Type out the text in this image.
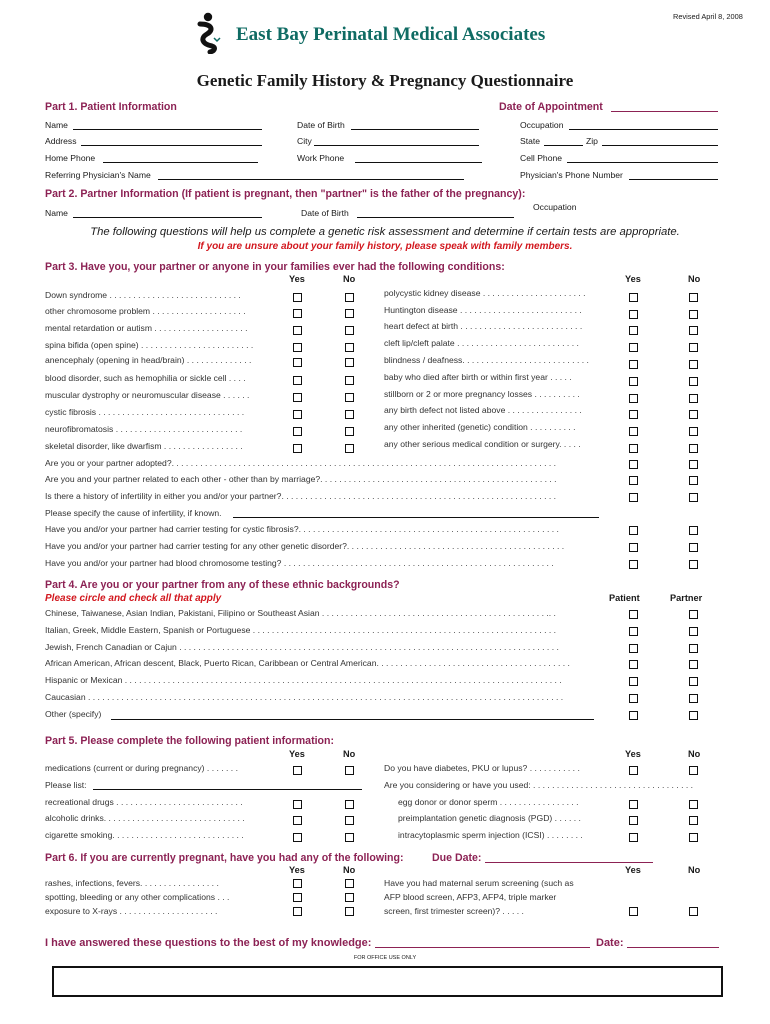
Revised April 8, 2008
East Bay Perinatal Medical Associates
Genetic Family History & Pregnancy Questionnaire
Part 1. Patient Information	Date of Appointment
Name	Date of Birth	Occupation
Address	City	State	Zip
Home Phone	Work Phone	Cell Phone
Referring Physician's Name	Physician's Phone Number
Part 2. Partner Information (If patient is pregnant, then "partner" is the father of the pregnancy):
Name	Date of Birth
Occupation
The following questions will help us complete a genetic risk assessment and determine if certain tests are appropriate.
If you are unsure about your family history, please speak with family members.
Part 3. Have you, your partner or anyone in your families ever had the following conditions:
Yes	No	Yes	No
Down syndrome . . . . . . . . . . . . . . . . . . . . . . . . . . . .
other chromosome problem . . . . . . . . . . . . . . . . . . . .
mental retardation or autism . . . . . . . . . . . . . . . . . . . .
spina bifida (open spine) . . . . . . . . . . . . . . . . . . . . . . . .
anencephaly (opening in head/brain) . . . . . . . . . . . . . .
blood disorder, such as hemophilia or sickle cell . . . .
muscular dystrophy or neuromuscular disease . . . . . .
cystic fibrosis . . . . . . . . . . . . . . . . . . . . . . . . . . . . . . .
neurofibromatosis . . . . . . . . . . . . . . . . . . . . . . . . . . .
skeletal disorder, like dwarfism . . . . . . . . . . . . . . . . .
polycystic kidney disease . . . . . . . . . . . . . . . . . . . . . .
Huntington disease . . . . . . . . . . . . . . . . . . . . . . . . . .
heart defect at birth . . . . . . . . . . . . . . . . . . . . . . . . . .
cleft lip/cleft palate . . . . . . . . . . . . . . . . . . . . . . . . . .
blindness / deafness. . . . . . . . . . . . . . . . . . . . . . . . . . .
baby who died after birth or within first year . . . . .
stillborn or 2 or more pregnancy losses . . . . . . . . . .
any birth defect not listed above . . . . . . . . . . . . . . . .
any other inherited (genetic) condition . . . . . . . . . .
any other serious medical condition or surgery. . . . .
Are you or your partner adopted?. . . . . . . . . . . . . . . . . . . . . . . . . . . . . . . . . . . . . . . . . . . . . . . . . . . . . . . . . . . . . . . . . . . . . . . . . . . . . . . . .
Are you and your partner related to each other - other than by marriage?. . . . . . . . . . . . . . . . . . . . . . . . . . . . . . . . . . . . . . . . . . . . . . . . . .
Is there a history of infertility in either you and/or your partner?. . . . . . . . . . . . . . . . . . . . . . . . . . . . . . . . . . . . . . . . . . . . . . . . . . . . . . . . . .
Please specify the cause of infertility, if known.
Have you and/or your partner had carrier testing for cystic fibrosis?. . . . . . . . . . . . . . . . . . . . . . . . . . . . . . . . . . . . . . . . . . . . . . . . . . . . . . .
Have you and/or your partner had carrier testing for any other genetic disorder?. . . . . . . . . . . . . . . . . . . . . . . . . . . . . . . . . . . . . . . . . . . . . .
Have you and/or your partner had blood chromosome testing? . . . . . . . . . . . . . . . . . . . . . . . . . . . . . . . . . . . . . . . . . . . . . . . . . . . . . . . . .
Part 4. Are you or your partner from any of these ethnic backgrounds?
Please circle and check all that apply	Patient	Partner
Chinese, Taiwanese, Asian Indian, Pakistani, Filipino or Southeast Asian . . . . . . . . . . . . . . . . . . . . . . . . . . . . . . . . . . . . . . . . . . . . . . . .. .
Italian, Greek, Middle Eastern, Spanish or Portuguese . . . . . . . . . . . . . . . . . . . . . . . . . . . . . . . . . . . . . . . . . . . . . . . . . . . . . . . . . . . . . . . .
Jewish, French Canadian or Cajun . . . . . . . . . . . . . . . . . . . . . . . . . . . . . . . . . . . . . . . . . . . . . . . . . . . . . . . . . . . . . . . . . . . . . . . . . . . . . . . .
African American, African descent, Black, Puerto Rican, Caribbean or Central American. . . . . . . . . . . . . . . . . . . . . . . . . . . . . . . . . . . . . . . . .
Hispanic or Mexican . . . . . . . . . . . . . . . . . . . . . . . . . . . . . . . . . . . . . . . . . . . . . . . . . . . . . . . . . . . . . . . . . . . . . . . . . . . . . . . . . . . . . . . . . . . .
Caucasian . . . . . . . . . . . . . . . . . . . . . . . . . . . . . . . . . . . . . . . . . . . . . . . . . . . . . . . . . . . . . . . . . . . . . . . . . . . . . . . . . . . . . . . . . . . . . . . . . . . .
Other (specify)
Part 5. Please complete the following patient information:
Yes	No	Yes	No
medications (current or during pregnancy) . . . . . . .	Do you have diabetes, PKU or lupus? . . . . . . . . . . .
Please list:	Are you considering or have you used: . . . . . . . . . . . . . . . . . . . . . . . . . . . . . . . . . .
recreational drugs . . . . . . . . . . . . . . . . . . . . . . . . . . .	egg donor or donor sperm . . . . . . . . . . . . . . . . .
alcoholic drinks. . . . . . . . . . . . . . . . . . . . . . . . . . . . . .	preimplantation genetic diagnosis (PGD) . . . . . .
cigarette smoking. . . . . . . . . . . . . . . . . . . . . . . . . . . .	intracytoplasmic sperm injection (ICSI) . . . . . . . .
Part 6. If you are currently pregnant, have you had any of the following:	Due Date:
Yes	No	Yes	No
rashes, infections, fevers. . . . . . . . . . . . . . . . .
spotting, bleeding or any other complications . . .
exposure to X-rays . . . . . . . . . . . . . . . . . . . . .
Have you had maternal serum screening (such as
AFP blood screen, AFP3, AFP4, triple marker
screen, first trimester screen)? . . . . .
I have answered these questions to the best of my knowledge:	Date:
FOR OFFICE USE ONLY
